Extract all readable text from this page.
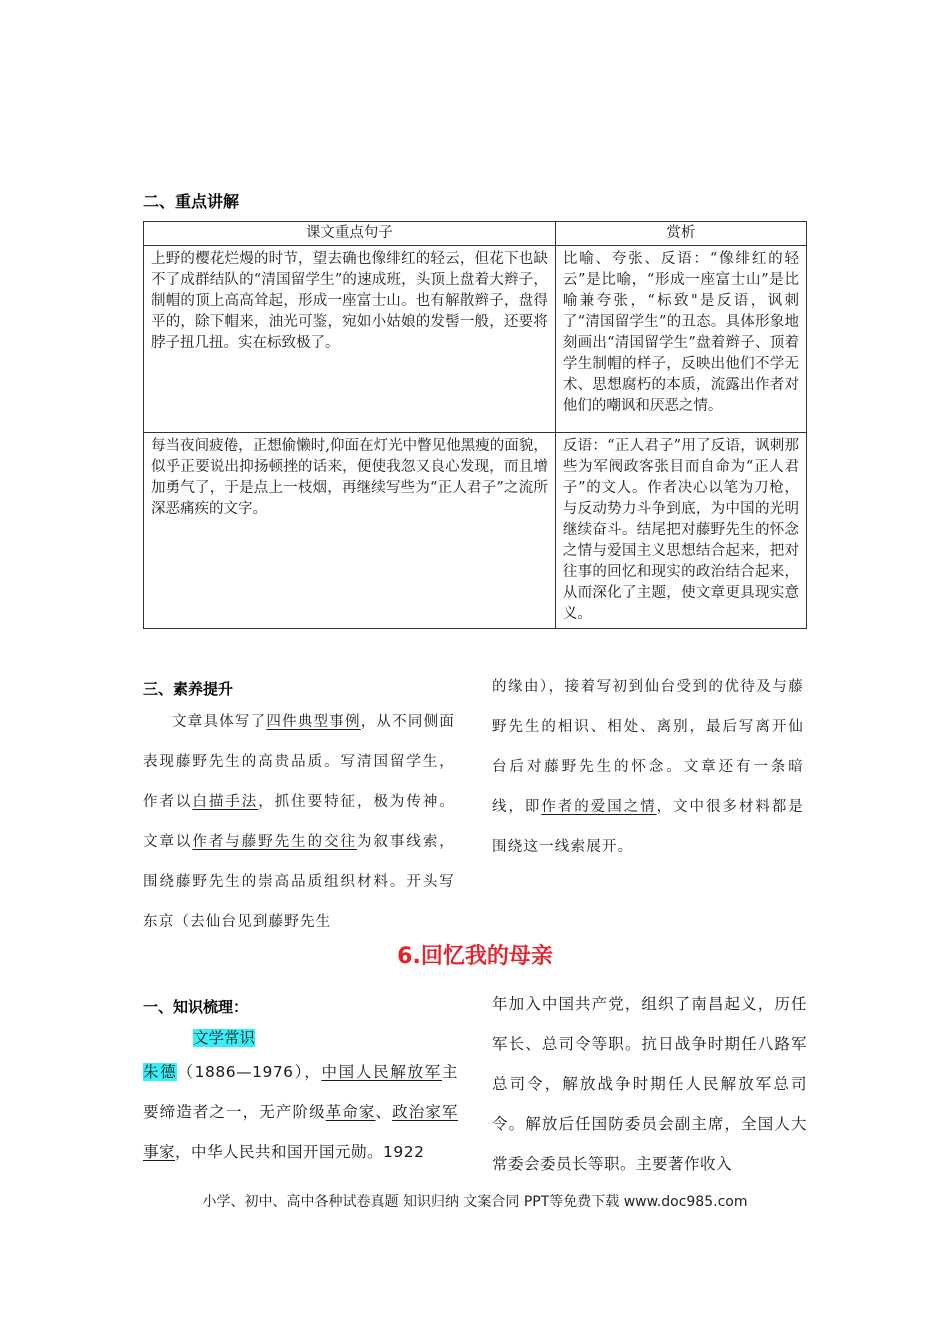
二、重点讲解
课文重点句子	赏析
上野的樱花烂熳的时节，望去确也像绯红的轻云，但花下也缺不了成群结队的“清国留学生”的速成班，头顶上盘着大辫子，制帽的顶上高高耸起，形成一座富士山。也有解散辫子，盘得平的，除下帽来，油光可鉴，宛如小姑娘的发髻一般，还要将脖子扭几扭。实在标致极了。	比喻、夸张、反语：“像绯红的轻云”是比喻，“形成一座富士山”是比喻兼夸张，“标致"是反语，讽刺了“清国留学生”的丑态。具体形象地刻画出“清国留学生”盘着辫子、顶着学生制帽的样子，反映出他们不学无术、思想腐朽的本质，流露出作者对他们的嘲讽和厌恶之情。
每当夜间疲倦，正想偷懒时,仰面在灯光中瞥见他黑瘦的面貌，似乎正要说出抑扬顿挫的话来，便使我忽又良心发现，而且增加勇气了，于是点上一枝烟，再继续写些为“正人君子”之流所深恶痛疾的文字。	反语：“正人君子”用了反语，讽刺那些为军阀政客张目而自命为“正人君子”的文人。作者决心以笔为刀枪，与反动势力斗争到底，为中国的光明继续奋斗。结尾把对藤野先生的怀念之情与爱国主义思想结合起来，把对往事的回忆和现实的政治结合起来，从而深化了主题，使文章更具现实意义。
三、素养提升

文章具体写了四件典型事例，从不同侧面表现藤野先生的高贵品质。写清国留学生，作者以白描手法，抓住要特征，极为传神。文章以作者与藤野先生的交往为叙事线索，围绕藤野先生的崇高品质组织材料。开头写东京（去仙台见到藤野先生

的缘由），接着写初到仙台受到的优待及与藤野先生的相识、相处、离别，最后写离开仙台后对藤野先生的怀念。文章还有一条暗线，即作者的爱国之情，文中很多材料都是围绕这一线索展开。

6.回忆我的母亲
一、知识梳理：
文学常识
朱德（1886—1976），中国人民解放军主要缔造者之一，无产阶级革命家、政治家军事家，中华人民共和国开国元勋。1922
年加入中国共产党，组织了南昌起义，历任军长、总司令等职。抗日战争时期任八路军总司令，解放战争时期任人民解放军总司令。解放后任国防委员会副主席，全国人大常委会委员长等职。主要著作收入
小学、初中、高中各种试卷真题 知识归纳 文案合同 PPT等免费下载 www.doc985.com
